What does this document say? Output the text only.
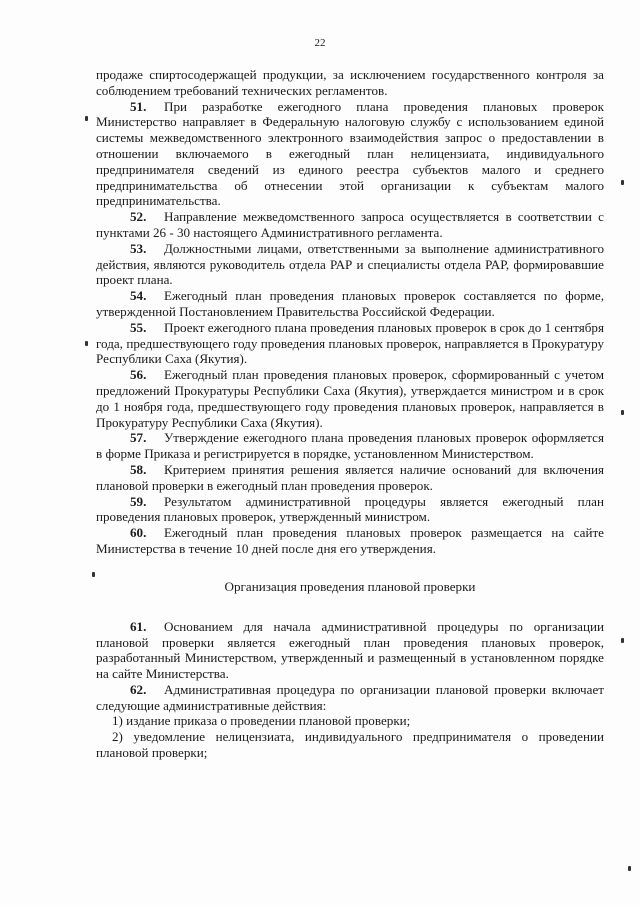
22

продаже спиртосодержащей продукции, за исключением государственного контроля за соблюдением требований технических регламентов.

51. При разработке ежегодного плана проведения плановых проверок Министерство направляет в Федеральную налоговую службу с использованием единой системы межведомственного электронного взаимодействия запрос о предоставлении в отношении включаемого в ежегодный план нелицензиата, индивидуального предпринимателя сведений из единого реестра субъектов малого и среднего предпринимательства об отнесении этой организации к субъектам малого предпринимательства.

52. Направление межведомственного запроса осуществляется в соответствии с пунктами 26 - 30 настоящего Административного регламента.

53. Должностными лицами, ответственными за выполнение административного действия, являются руководитель отдела РАР и специалисты отдела РАР, формировавшие проект плана.

54. Ежегодный план проведения плановых проверок составляется по форме, утвержденной Постановлением Правительства Российской Федерации.

55. Проект ежегодного плана проведения плановых проверок в срок до 1 сентября года, предшествующего году проведения плановых проверок, направляется в Прокуратуру Республики Саха (Якутия).

56. Ежегодный план проведения плановых проверок, сформированный с учетом предложений Прокуратуры Республики Саха (Якутия), утверждается министром и в срок до 1 ноября года, предшествующего году проведения плановых проверок, направляется в Прокуратуру Республики Саха (Якутия).

57. Утверждение ежегодного плана проведения плановых проверок оформляется в форме Приказа и регистрируется в порядке, установленном Министерством.

58. Критерием принятия решения является наличие оснований для включения плановой проверки в ежегодный план проведения проверок.

59. Результатом административной процедуры является ежегодный план проведения плановых проверок, утвержденный министром.

60. Ежегодный план проведения плановых проверок размещается на сайте Министерства в течение 10 дней после дня его утверждения.

Организация проведения плановой проверки

61. Основанием для начала административной процедуры по организации плановой проверки является ежегодный план проведения плановых проверок, разработанный Министерством, утвержденный и размещенный в установленном порядке на сайте Министерства.

62. Административная процедура по организации плановой проверки включает следующие административные действия:

1) издание приказа о проведении плановой проверки;

2) уведомление нелицензиата, индивидуального предпринимателя о проведении плановой проверки;
